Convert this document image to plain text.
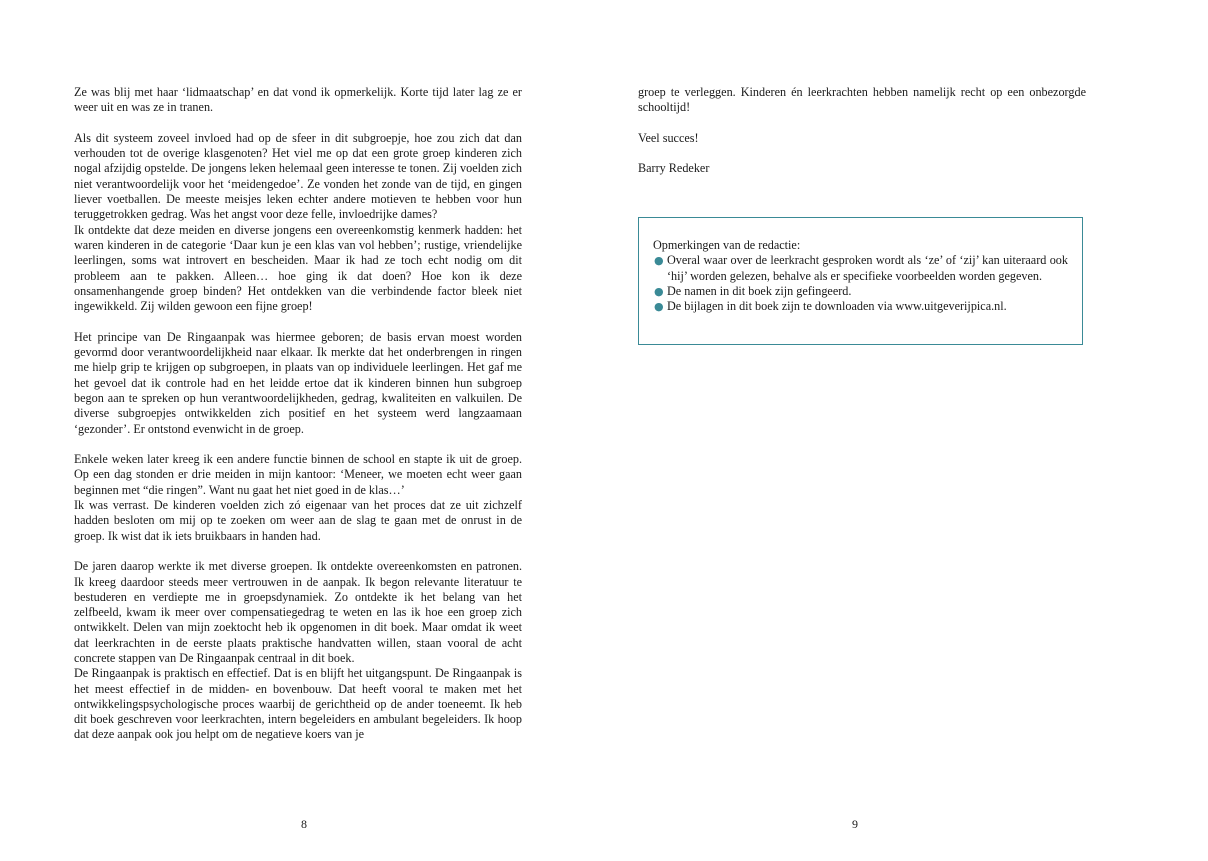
Ze was blij met haar ‘lidmaatschap’ en dat vond ik opmerkelijk. Korte tijd later lag ze er weer uit en was ze in tranen.

Als dit systeem zoveel invloed had op de sfeer in dit subgroepje, hoe zou zich dat dan verhouden tot de overige klasgenoten? Het viel me op dat een grote groep kinderen zich nogal afzijdig opstelde. De jongens leken helemaal geen interesse te tonen. Zij voelden zich niet verantwoordelijk voor het ‘meidengedoe’. Ze vonden het zonde van de tijd, en gingen liever voetballen. De meeste meisjes leken echter andere motieven te hebben voor hun teruggetrokken gedrag. Was het angst voor deze felle, invloedrijke dames?

Ik ontdekte dat deze meiden en diverse jongens een overeenkomstig kenmerk hadden: het waren kinderen in de categorie ‘Daar kun je een klas van vol hebben’; rustige, vriendelijke leerlingen, soms wat introvert en bescheiden. Maar ik had ze toch echt nodig om dit probleem aan te pakken. Alleen… hoe ging ik dat doen? Hoe kon ik deze onsamenhangende groep binden? Het ontdekken van die verbindende factor bleek niet ingewikkeld. Zij wilden gewoon een fijne groep!

Het principe van De Ringaanpak was hiermee geboren; de basis ervan moest worden gevormd door verantwoordelijkheid naar elkaar. Ik merkte dat het onderbrengen in ringen me hielp grip te krijgen op subgroepen, in plaats van op individuele leerlingen. Het gaf me het gevoel dat ik controle had en het leidde ertoe dat ik kinderen binnen hun subgroep begon aan te spreken op hun verantwoordelijkheden, gedrag, kwaliteiten en valkuilen. De diverse subgroepjes ontwikkelden zich positief en het systeem werd langzaamaan ‘gezonder’. Er ontstond evenwicht in de groep.

Enkele weken later kreeg ik een andere functie binnen de school en stapte ik uit de groep. Op een dag stonden er drie meiden in mijn kantoor: ‘Meneer, we moeten echt weer gaan beginnen met “die ringen”. Want nu gaat het niet goed in de klas…’

Ik was verrast. De kinderen voelden zich zó eigenaar van het proces dat ze uit zichzelf hadden besloten om mij op te zoeken om weer aan de slag te gaan met de onrust in de groep. Ik wist dat ik iets bruikbaars in handen had.

De jaren daarop werkte ik met diverse groepen. Ik ontdekte overeenkomsten en patronen. Ik kreeg daardoor steeds meer vertrouwen in de aanpak. Ik begon relevante literatuur te bestuderen en verdiepte me in groepsdynamiek. Zo ontdekte ik het belang van het zelfbeeld, kwam ik meer over compensatiegedrag te weten en las ik hoe een groep zich ontwikkelt. Delen van mijn zoektocht heb ik opgenomen in dit boek. Maar omdat ik weet dat leerkrachten in de eerste plaats praktische handvatten willen, staan vooral de acht concrete stappen van De Ringaanpak centraal in dit boek.

De Ringaanpak is praktisch en effectief. Dat is en blijft het uitgangspunt. De Ringaanpak is het meest effectief in de midden- en bovenbouw. Dat heeft vooral te maken met het ontwikkelingspsychologische proces waarbij de gerichtheid op de ander toeneemt. Ik heb dit boek geschreven voor leerkrachten, intern begeleiders en ambulant begeleiders. Ik hoop dat deze aanpak ook jou helpt om de negatieve koers van je

8

groep te verleggen. Kinderen én leerkrachten hebben namelijk recht op een onbezorgde schooltijd!

Veel succes!

Barry Redeker

Opmerkingen van de redactie:

● Overal waar over de leerkracht gesproken wordt als ‘ze’ of ‘zij’ kan uiteraard ook ‘hij’ worden gelezen, behalve als er specifieke voorbeelden worden gegeven.
● De namen in dit boek zijn gefingeerd.
● De bijlagen in dit boek zijn te downloaden via www.uitgeverijpica.nl.
9
